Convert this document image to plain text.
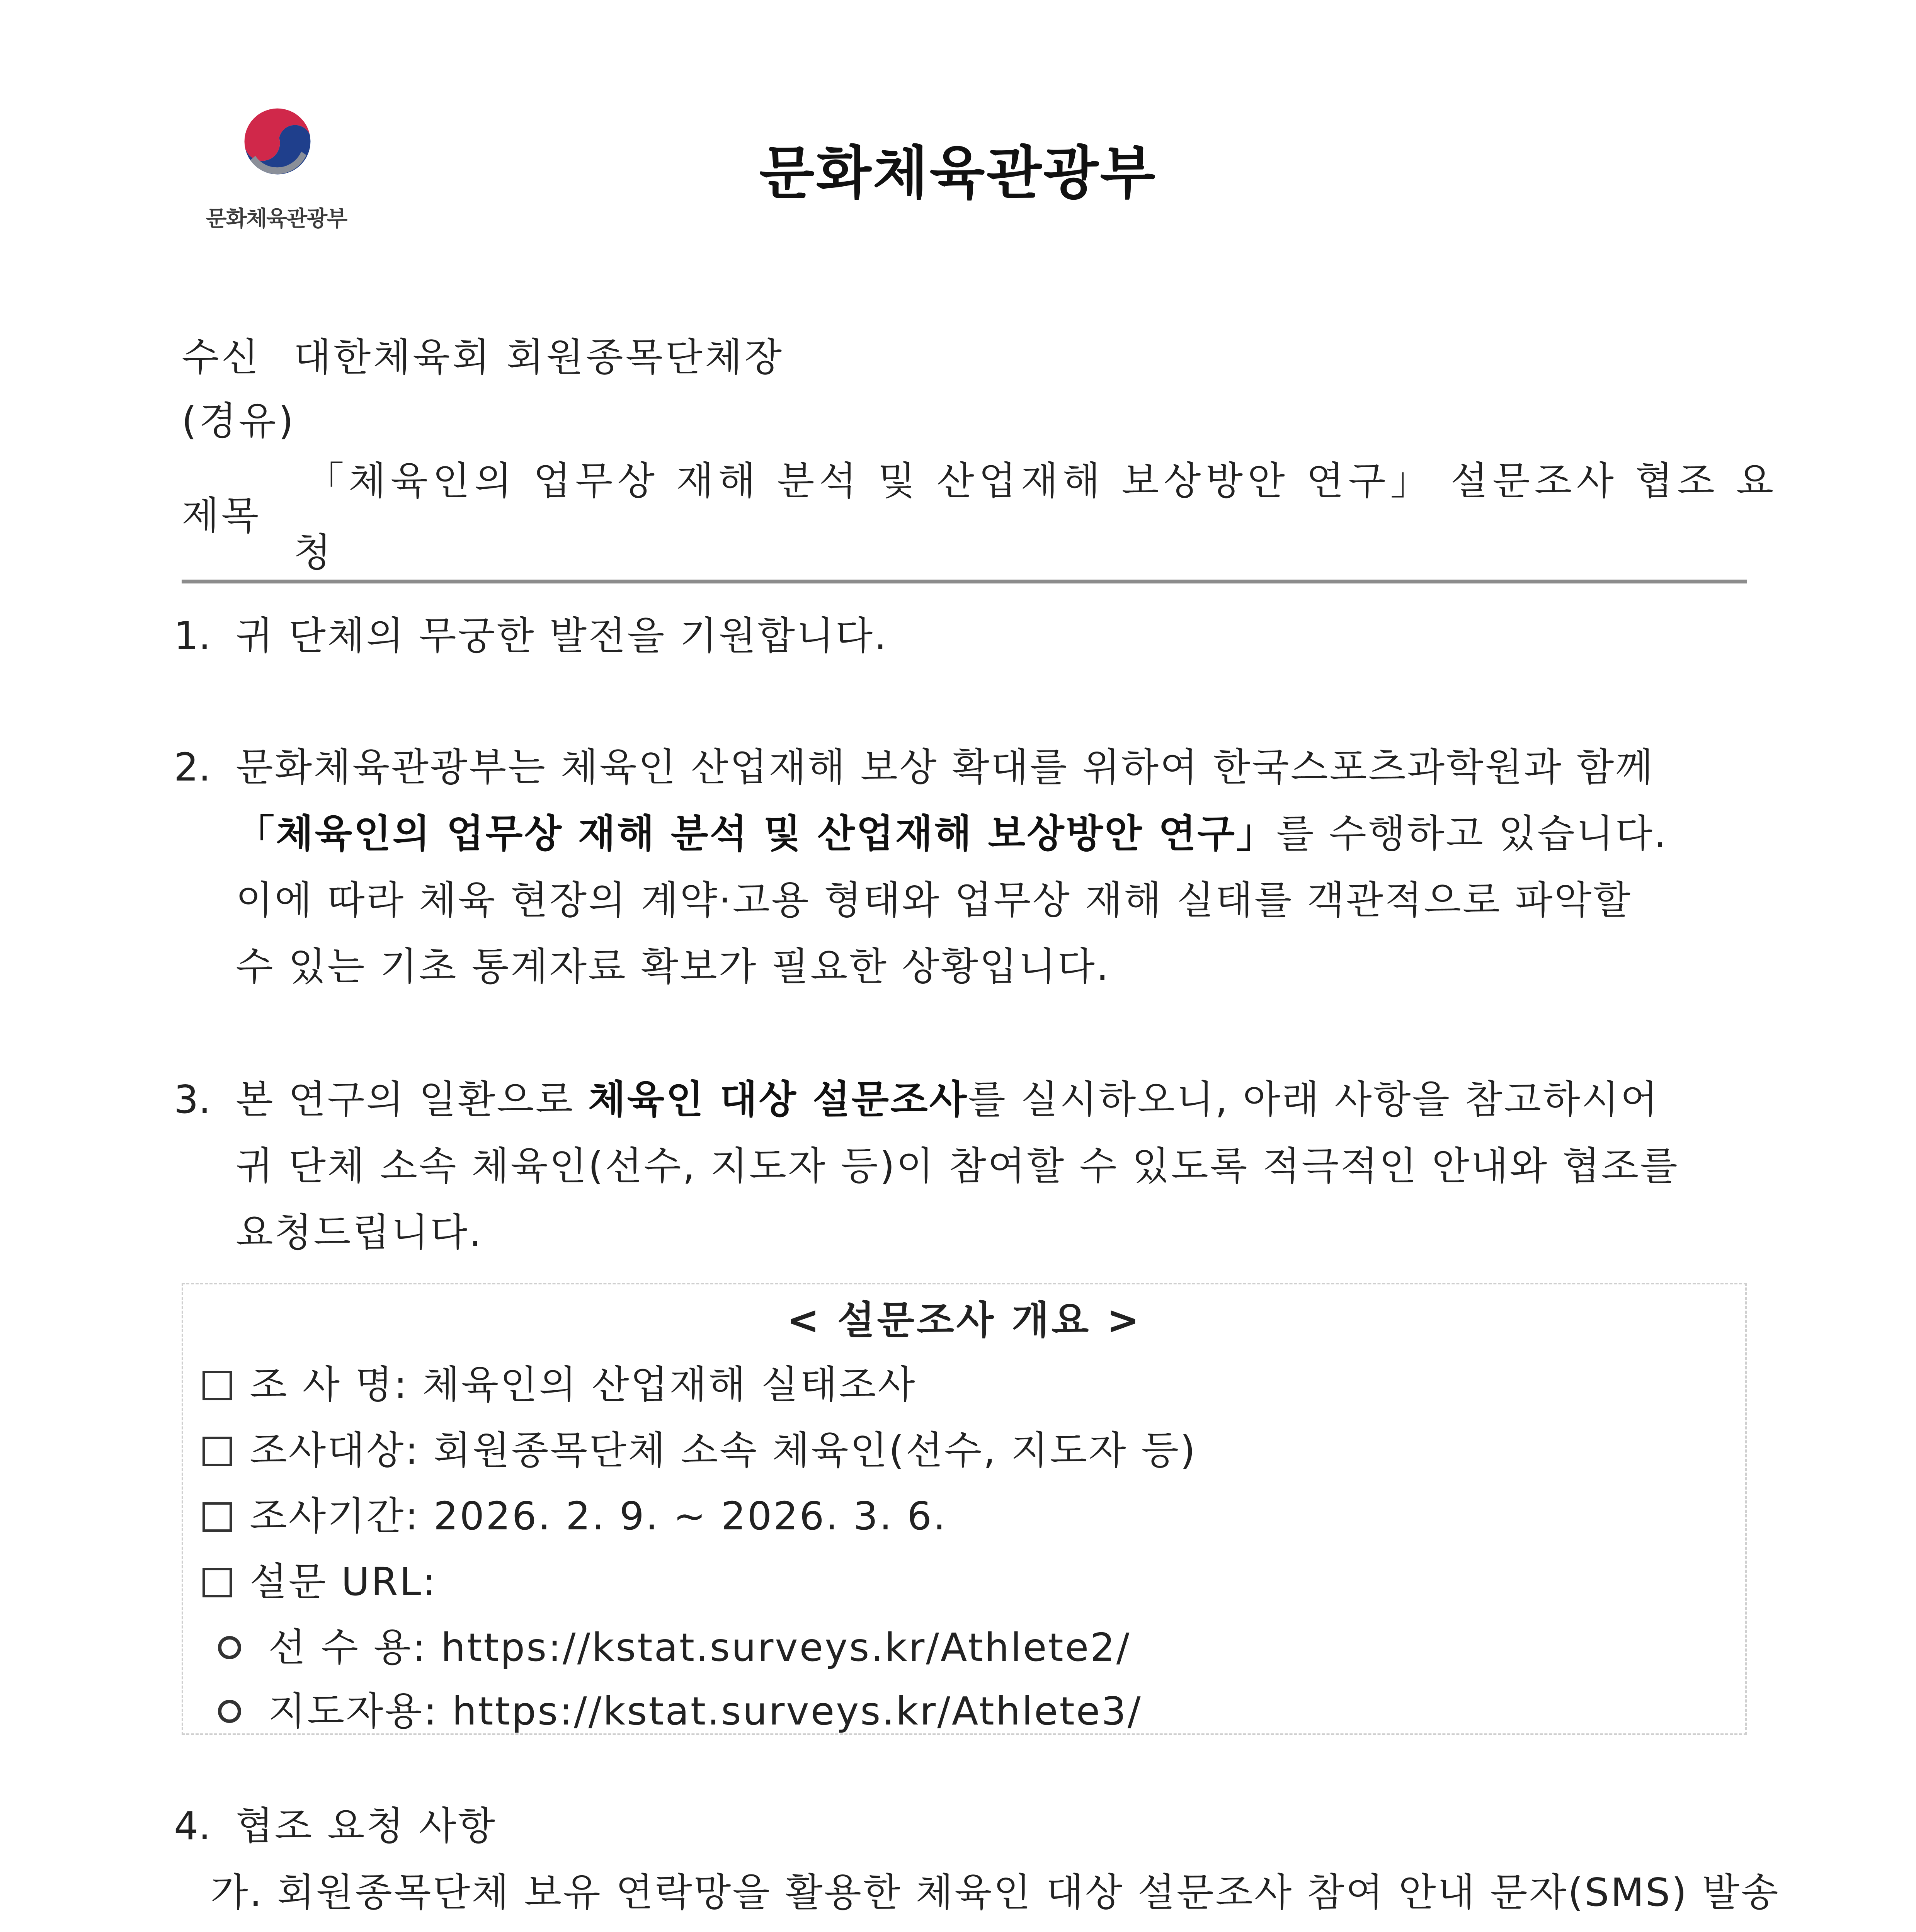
문화체육관광부
문화체육관광부
수신 대한체육회 회원종목단체장
(경유)
제목
「체육인의 업무상 재해 분석 및 산업재해 보상방안 연구」 설문조사 협조 요
청
1. 귀 단체의 무궁한 발전을 기원합니다.
2. 문화체육관광부는 체육인 산업재해 보상 확대를 위하여 한국스포츠과학원과 함께
「체육인의 업무상 재해 분석 및 산업재해 보상방안 연구」를 수행하고 있습니다.
이에 따라 체육 현장의 계약·고용 형태와 업무상 재해 실태를 객관적으로 파악할
수 있는 기초 통계자료 확보가 필요한 상황입니다.
3. 본 연구의 일환으로 체육인 대상 설문조사를 실시하오니, 아래 사항을 참고하시어
귀 단체 소속 체육인(선수, 지도자 등)이 참여할 수 있도록 적극적인 안내와 협조를
요청드립니다.
< 설문조사 개요 >
조 사 명: 체육인의 산업재해 실태조사
조사대상: 회원종목단체 소속 체육인(선수, 지도자 등)
조사기간: 2026. 2. 9. ~ 2026. 3. 6.
설문 URL:
선 수 용: https://kstat.surveys.kr/Athlete2/
지도자용: https://kstat.surveys.kr/Athlete3/
4. 협조 요청 사항
가. 회원종목단체 보유 연락망을 활용한 체육인 대상 설문조사 참여 안내 문자(SMS) 발송
